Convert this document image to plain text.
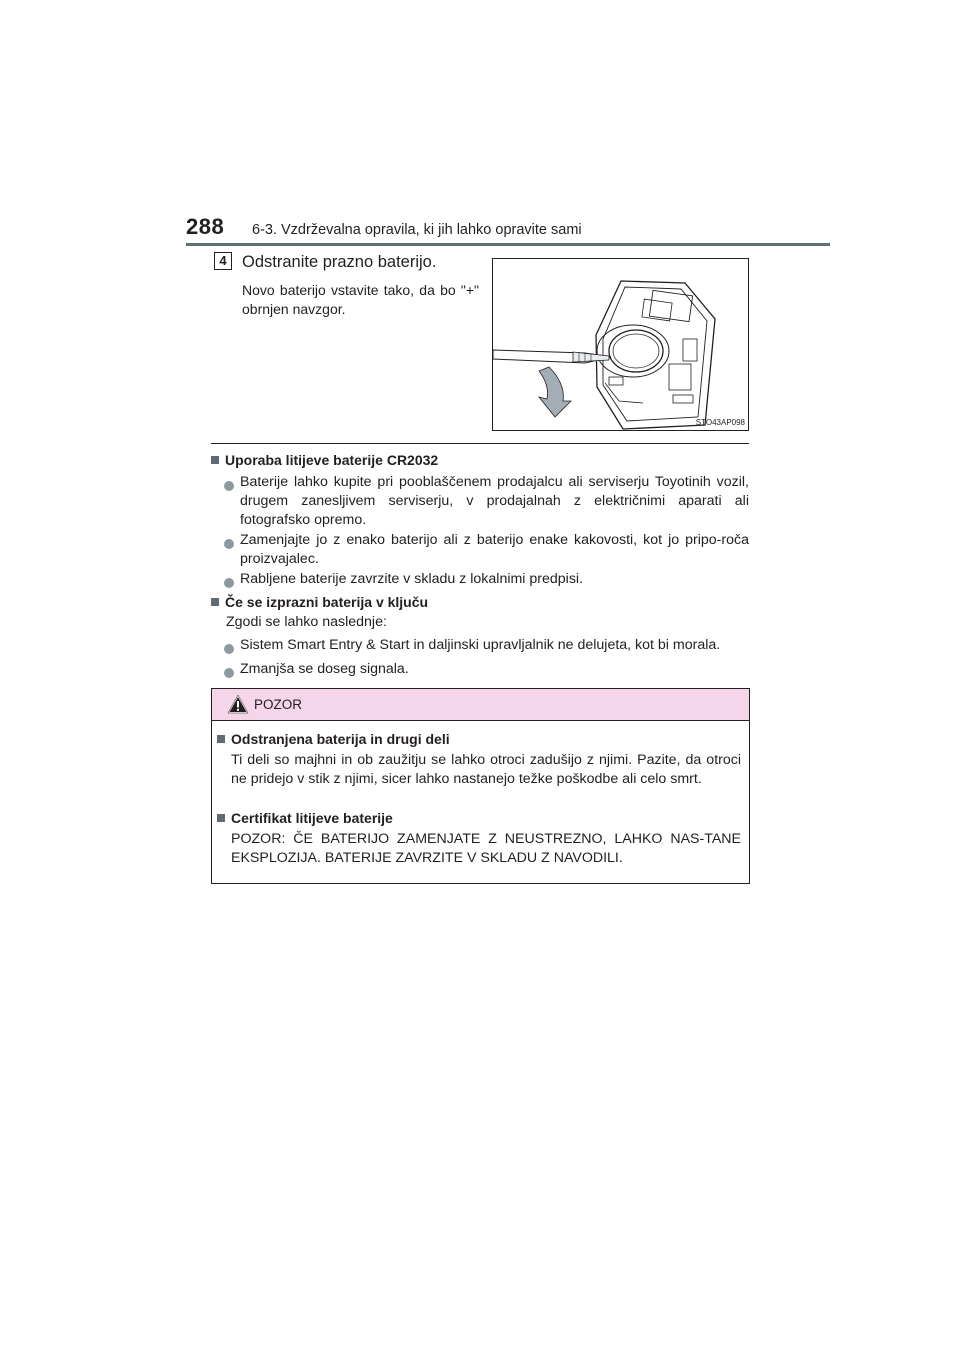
288 6-3. Vzdrževalna opravila, ki jih lahko opravite sami
4 Odstranite prazno baterijo.
Novo baterijo vstavite tako, da bo "+" obrnjen navzgor.
STO43AP098
Uporaba litijeve baterije CR2032
Baterije lahko kupite pri pooblaščenem prodajalcu ali serviserju Toyotinih vozil, drugem zanesljivem serviserju, v prodajalnah z električnimi aparati ali fotografsko opremo.
Zamenjajte jo z enako baterijo ali z baterijo enake kakovosti, kot jo pripo-roča proizvajalec.
Rabljene baterije zavrzite v skladu z lokalnimi predpisi.
Če se izprazni baterija v ključu
Zgodi se lahko naslednje:
Sistem Smart Entry & Start in daljinski upravljalnik ne delujeta, kot bi morala.
Zmanjša se doseg signala.
POZOR
Odstranjena baterija in drugi deli
Ti deli so majhni in ob zaužitju se lahko otroci zadušijo z njimi. Pazite, da otroci ne pridejo v stik z njimi, sicer lahko nastanejo težke poškodbe ali celo smrt.
Certifikat litijeve baterije
POZOR: ČE BATERIJO ZAMENJATE Z NEUSTREZNO, LAHKO NAS-TANE EKSPLOZIJA. BATERIJE ZAVRZITE V SKLADU Z NAVODILI.
